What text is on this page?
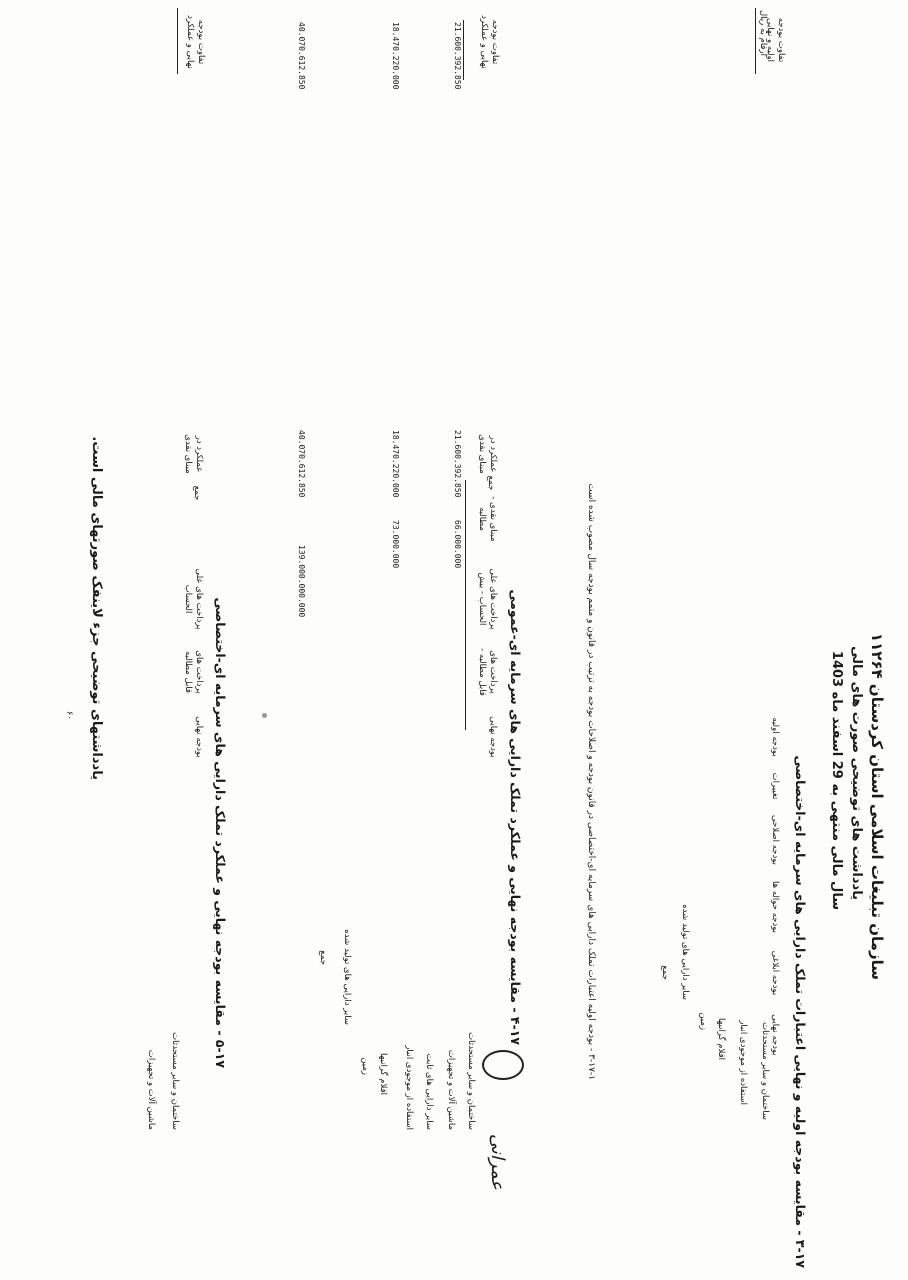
سازمان تبلیغات اسلامی استان کردستان ۱۱۲۶۴
یادداشت های توضیحی صورت های مالی
سال مالی منتهی به 29 اسفند ماه 1403
ارقام به ریال
۳-۱۷ - مقایسه بودجه اولیه و نهایی اعتبارات تملک دارایی های سرمایه ای-اختصاصی
بودجه اولیه
تغییرات
بودجه اصلاحی
بودجه حواله ها
بودجه ابلاغی
بودجه نهایی
تفاوت بودجه اولیه و نهایی
ساختمان و سایر مستحدثات
استفاده از موجودی انبار
اقلام گرانبها
زمین
سایر دارایی های تولید شده
جمع
۳-۱۷-۱ - بودجه اولیه اعتبارات تملک دارایی های سرمایه ای-اختصاصی در قانون بودجه و اصلاحات بودجه به ترتیب در قانون و متمم بودجه سال مصوب شده است
۴-۱۷ - مقایسه بودجه نهایی و عملکرد تملک دارایی های سرمایه ای-عمومی
بودجه نهایی
پرداخت های قابل مطالبه -
پرداخت های علی الحساب - بیش
مبنای نقدی - مطالبه
عملکرد در مبنای نقدی
جمع
تفاوت بودجه نهایی و عملکرد
ساختمان و سایر مستحدثات
66.000.000
21.600.392.850
21.600.392.850
ماشین آلات و تجهیزات
73.000.000
18.470.220.000
18.470.220.000
سایر دارایی های ثابت
استفاده از موجودی انبار
اقلام گرانبها
زمین
سایر دارایی های تولید شده
جمع
139.000.000.000
40.070.612.850
40.070.612.850
۵-۱۷ - مقایسه بودجه نهایی و عملکرد تملک دارایی های سرمایه ای-اختصاصی
بودجه نهایی
پرداخت های قابل مطالبه
پرداخت های علی الحساب
عملکرد در مبنای نقدی
جمع
تفاوت بودجه نهایی و عملکرد
ساختمان و سایر مستحدثات
ماشین آلات و تجهیزات
یادداشتهای توضیحی جزء لاینفک صورتهای مالی است.
۶۰
عمرانی
